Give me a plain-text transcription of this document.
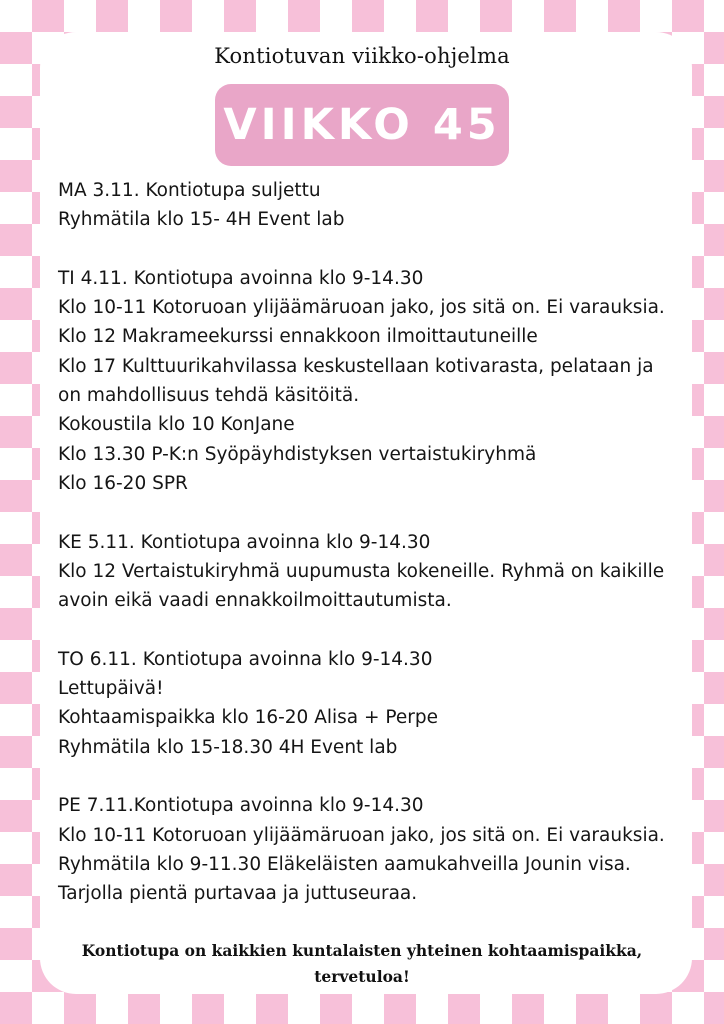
Kontiotuvan viikko-ohjelma
VIIKKO 45
MA 3.11. Kontiotupa suljettu
Ryhmätila klo 15- 4H Event lab
TI 4.11. Kontiotupa avoinna klo 9-14.30
Klo 10-11 Kotoruoan ylijäämäruoan jako, jos sitä on. Ei varauksia.
Klo 12 Makrameekurssi ennakkoon ilmoittautuneille
Klo 17 Kulttuurikahvilassa keskustellaan kotivarasta, pelataan ja on mahdollisuus tehdä käsitöitä.
Kokoustila klo 10 KonJane
Klo 13.30 P-K:n Syöpäyhdistyksen vertaistukiryhmä
Klo 16-20 SPR
KE 5.11. Kontiotupa avoinna klo 9-14.30
Klo 12 Vertaistukiryhmä uupumusta kokeneille. Ryhmä on kaikille avoin eikä vaadi ennakkoilmoittautumista.
TO 6.11. Kontiotupa avoinna klo 9-14.30
Lettupäivä!
Kohtaamispaikka klo 16-20 Alisa + Perpe
Ryhmätila klo 15-18.30 4H Event lab
PE 7.11.Kontiotupa avoinna klo 9-14.30
Klo 10-11 Kotoruoan ylijäämäruoan jako, jos sitä on. Ei varauksia.
Ryhmätila klo 9-11.30 Eläkeläisten aamukahveilla Jounin visa. Tarjolla pientä purtavaa ja juttuseuraa.
Kontiotupa on kaikkien kuntalaisten yhteinen kohtaamispaikka, tervetuloa!
